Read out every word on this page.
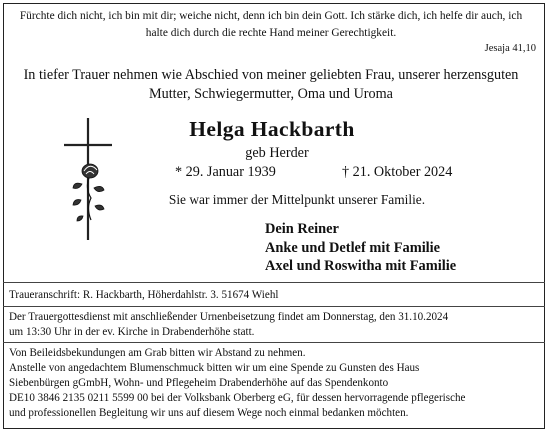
Fürchte dich nicht, ich bin mit dir; weiche nicht, denn ich bin dein Gott. Ich stärke dich, ich helfe dir auch, ich
halte dich durch die rechte Hand meiner Gerechtigkeit.
Jesaja 41,10
In tiefer Trauer nehmen wie Abschied von meiner geliebten Frau, unserer herzensguten
Mutter, Schwiegermutter, Oma und Uroma
Helga Hackbarth
geb Herder
* 29. Januar 1939	† 21. Oktober 2024
Sie war immer der Mittelpunkt unserer Familie.
Dein Reiner
Anke und Detlef mit Familie
Axel und Roswitha mit Familie
Traueranschrift: R. Hackbarth, Höherdahlstr. 3. 51674 Wiehl
Der Trauergottesdienst mit anschließender Urnenbeisetzung findet am Donnerstag, den 31.10.2024
um 13:30 Uhr in der ev. Kirche in Drabenderhöhe statt.
Von Beileidsbekundungen am Grab bitten wir Abstand zu nehmen.
Anstelle von angedachtem Blumenschmuck bitten wir um eine Spende zu Gunsten des Haus
Siebenbürgen gGmbH, Wohn- und Pflegeheim Drabenderhöhe auf das Spendenkonto
DE10 3846 2135 0211 5599 00 bei der Volksbank Oberberg eG, für dessen hervorragende pflegerische
und professionellen Begleitung wir uns auf diesem Wege noch einmal bedanken möchten.
